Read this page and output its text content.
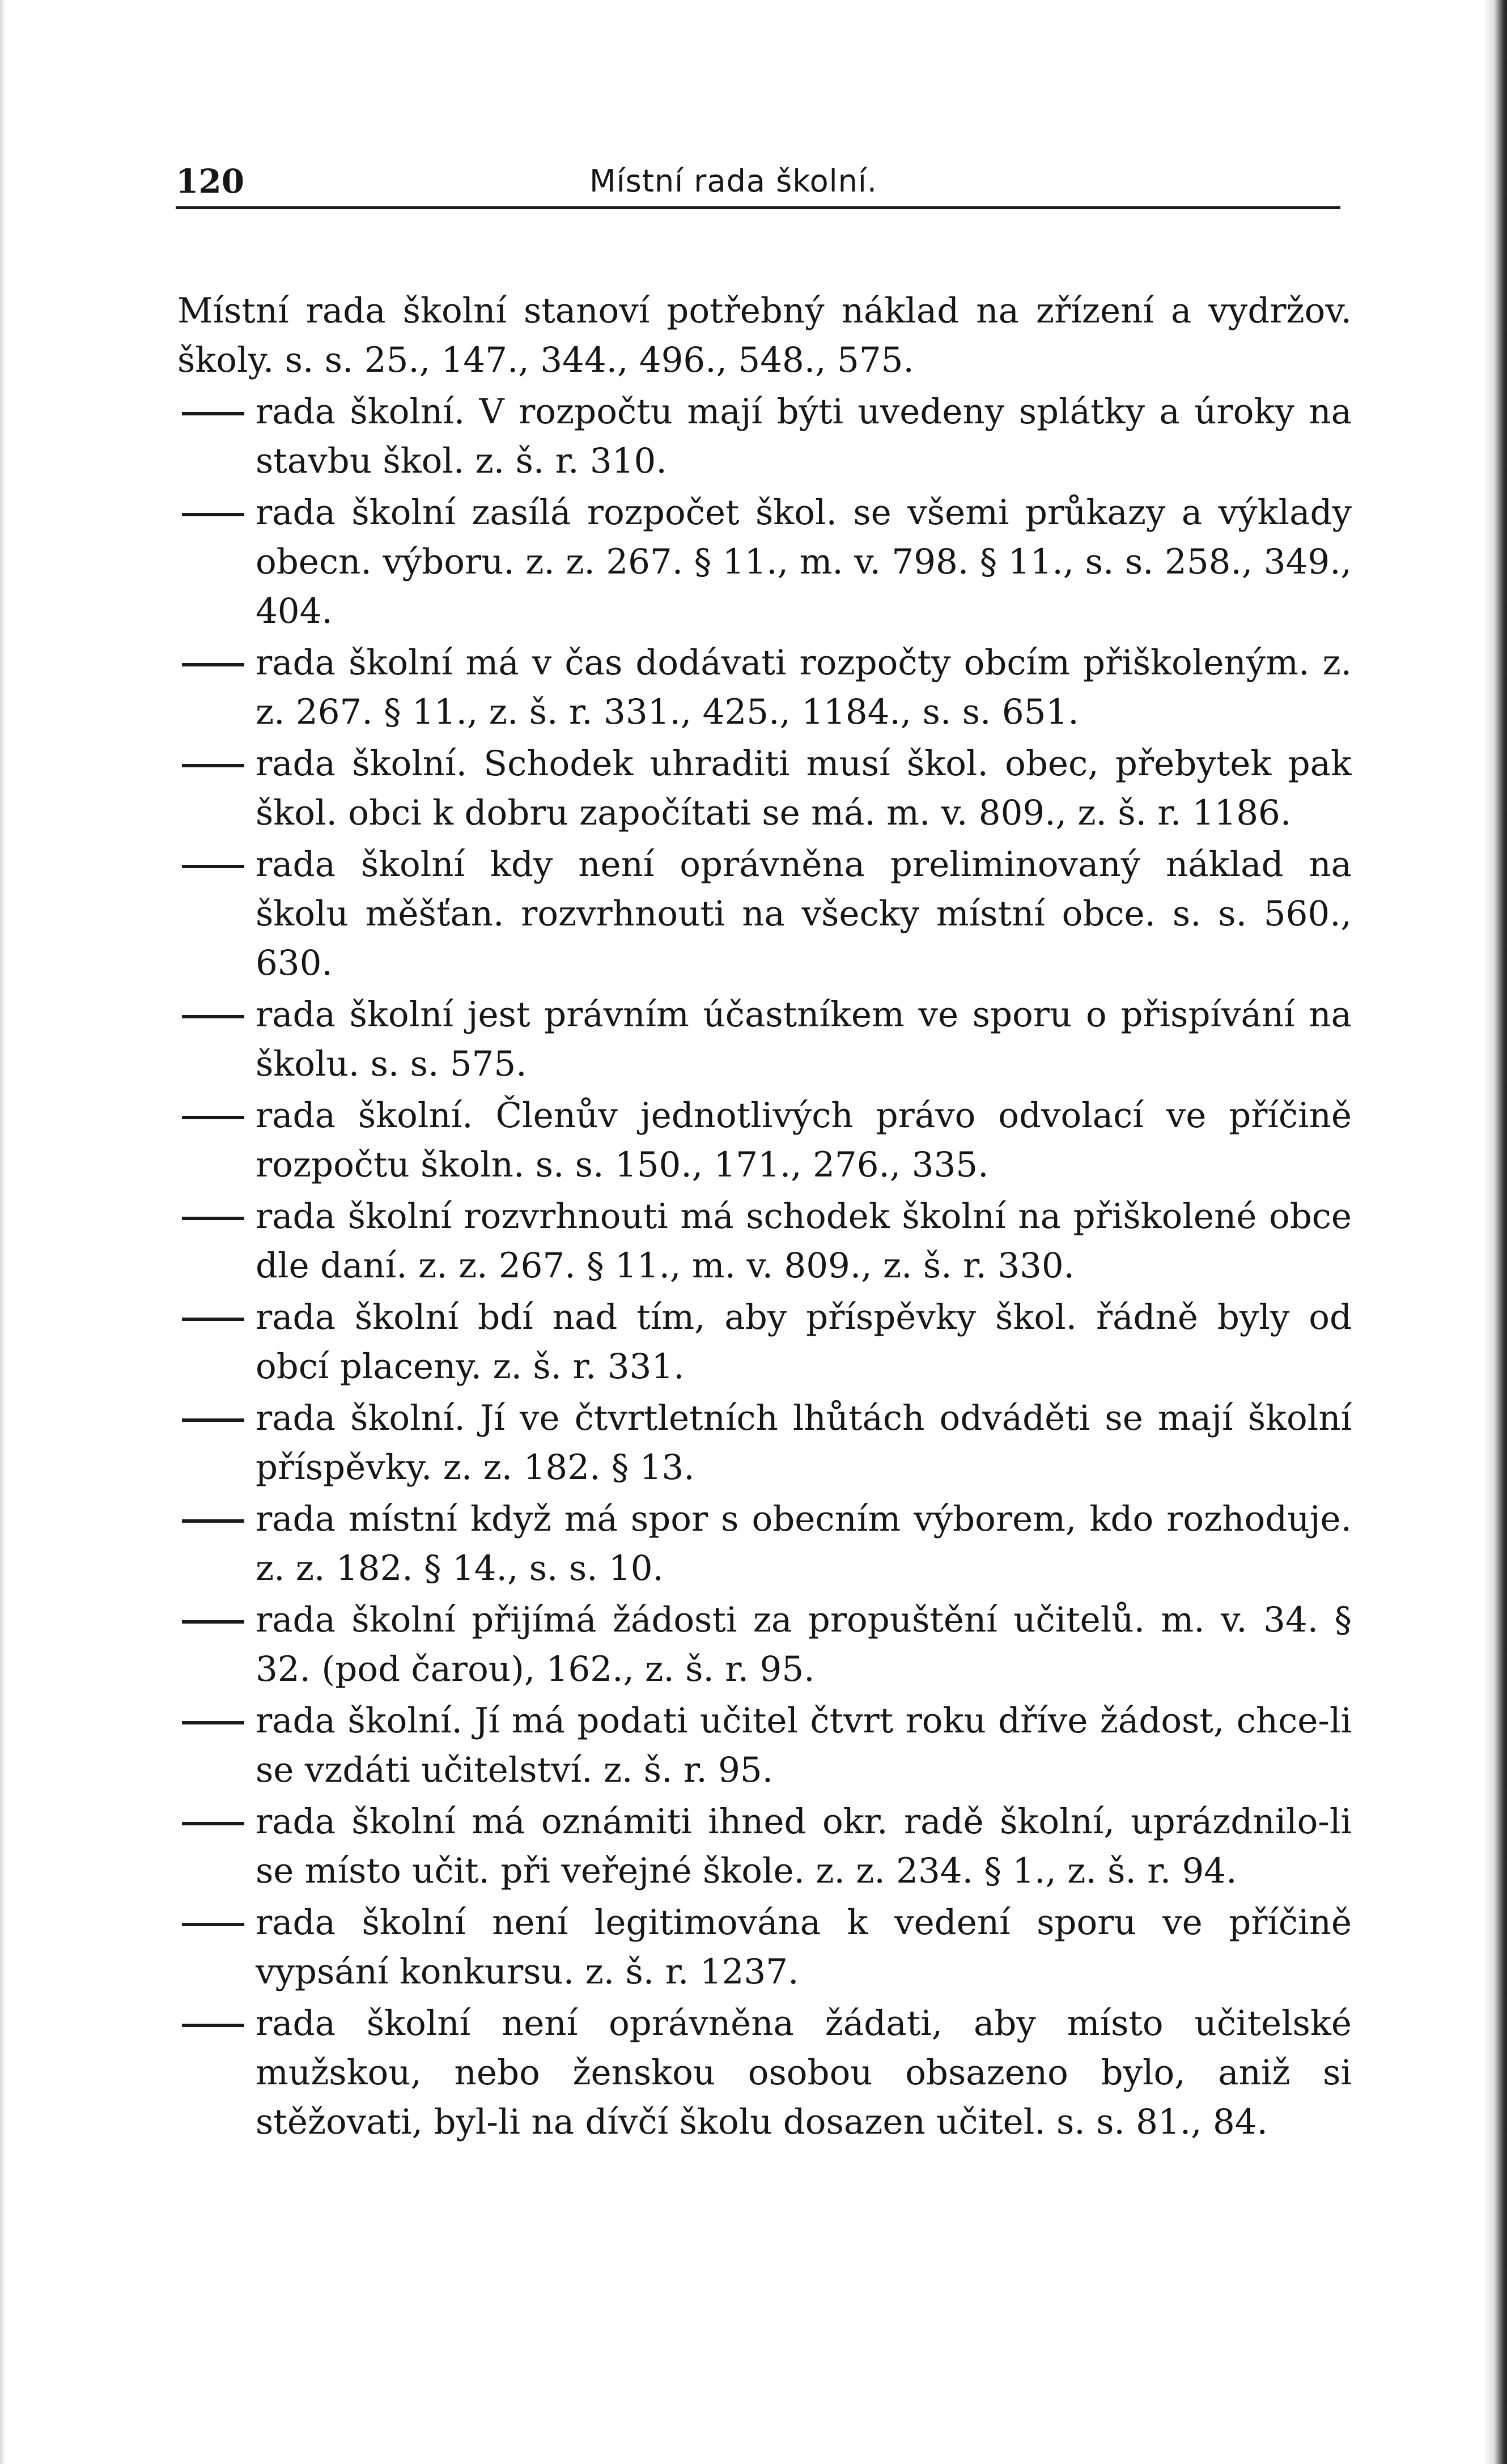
120	Místní rada školní.

Místní rada školní stanoví potřebný náklad na zřízení a vydržov. školy. s. s. 25., 147., 344., 496., 548., 575.

rada školní. V rozpočtu mají býti uvedeny splátky a úroky na stavbu škol. z. š. r. 310.

rada školní zasílá rozpočet škol. se všemi průkazy a výklady obecn. výboru. z. z. 267. § 11., m. v. 798. § 11., s. s. 258., 349., 404.

rada školní má v čas dodávati rozpočty obcím přiškoleným. z. z. 267. § 11., z. š. r. 331., 425., 1184., s. s. 651.

rada školní. Schodek uhraditi musí škol. obec, přebytek pak škol. obci k dobru započítati se má. m. v. 809., z. š. r. 1186.

rada školní kdy není oprávněna preliminovaný náklad na školu měšťan. rozvrhnouti na všecky místní obce. s. s. 560., 630.

rada školní jest právním účastníkem ve sporu o přispívání na školu. s. s. 575.

rada školní. Členův jednotlivých právo odvolací ve příčině rozpočtu školn. s. s. 150., 171., 276., 335.

rada školní rozvrhnouti má schodek školní na přiškolené obce dle daní. z. z. 267. § 11., m. v. 809., z. š. r. 330.

rada školní bdí nad tím, aby příspěvky škol. řádně byly od obcí placeny. z. š. r. 331.

rada školní. Jí ve čtvrtletních lhůtách odváděti se mají školní příspěvky. z. z. 182. § 13.

rada místní když má spor s obecním výborem, kdo rozhoduje. z. z. 182. § 14., s. s. 10.

rada školní přijímá žádosti za propuštění učitelů. m. v. 34. § 32. (pod čarou), 162., z. š. r. 95.

rada školní. Jí má podati učitel čtvrt roku dříve žádost, chce-li se vzdáti učitelství. z. š. r. 95.

rada školní má oznámiti ihned okr. radě školní, uprázdnilo-li se místo učit. při veřejné škole. z. z. 234. § 1., z. š. r. 94.

rada školní není legitimována k vedení sporu ve příčině vypsání konkursu. z. š. r. 1237.

rada školní není oprávněna žádati, aby místo učitelské mužskou, nebo ženskou osobou obsazeno bylo, aniž si stěžovati, byl-li na dívčí školu dosazen učitel. s. s. 81., 84.
